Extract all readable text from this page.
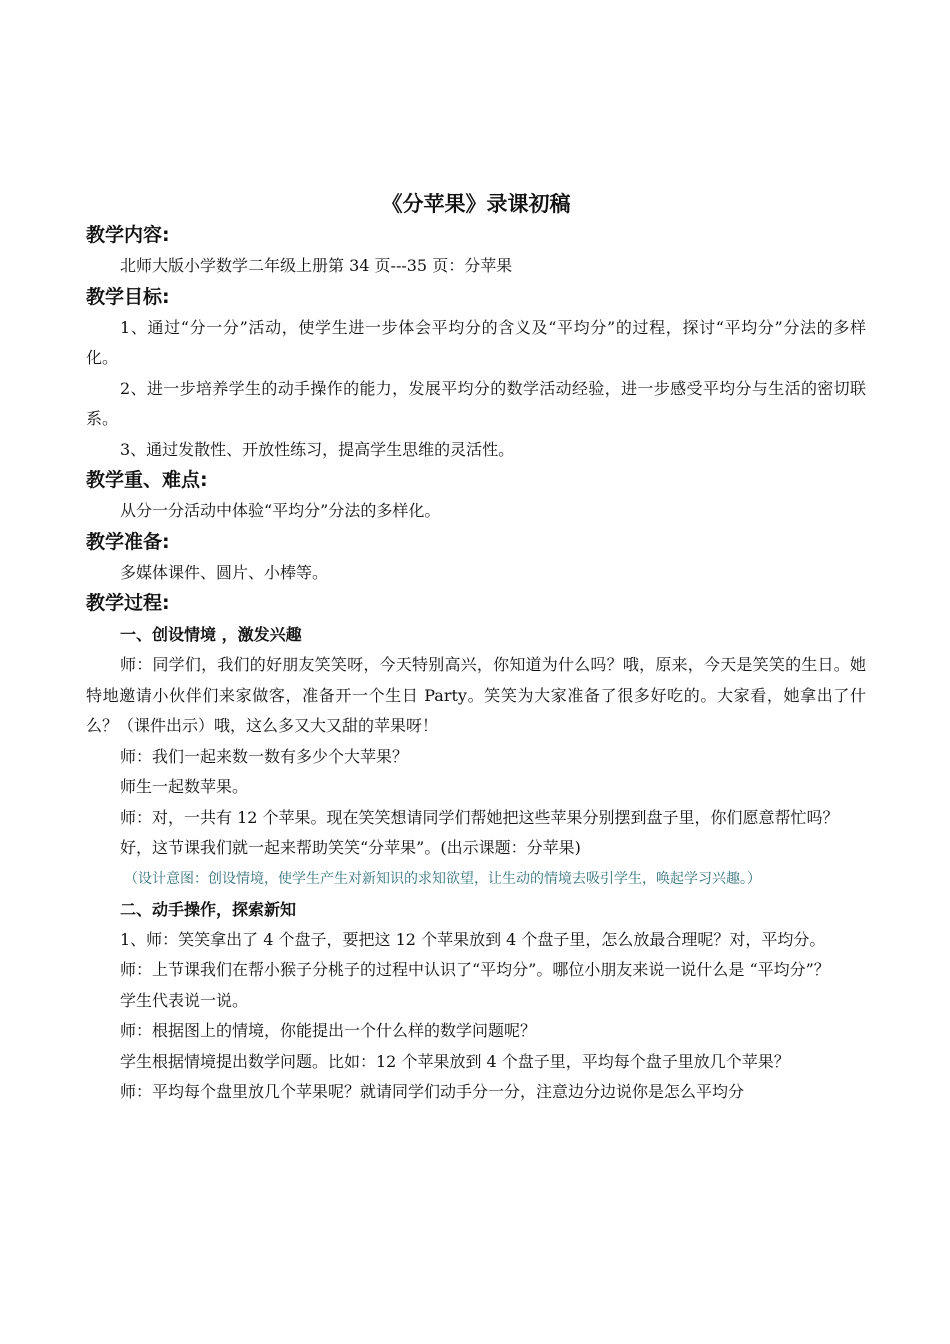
《分苹果》录课初稿

教学内容:

北师大版小学数学二年级上册第 34 页---35 页：分苹果

教学目标:

1、通过“分一分”活动，使学生进一步体会平均分的含义及“平均分”的过程，探讨“平均分”分法的多样化。

2、进一步培养学生的动手操作的能力，发展平均分的数学活动经验，进一步感受平均分与生活的密切联系。

3、通过发散性、开放性练习，提高学生思维的灵活性。

教学重、难点:

从分一分活动中体验“平均分”分法的多样化。

教学准备:

多媒体课件、圆片、小棒等。

教学过程:

一、创设情境 ，激发兴趣

师：同学们，我们的好朋友笑笑呀，今天特别高兴，你知道为什么吗？哦，原来，今天是笑笑的生日。她特地邀请小伙伴们来家做客，准备开一个生日 Party。笑笑为大家准备了很多好吃的。大家看，她拿出了什么？（课件出示）哦，这么多又大又甜的苹果呀！

师：我们一起来数一数有多少个大苹果？

师生一起数苹果。

师：对，一共有 12 个苹果。现在笑笑想请同学们帮她把这些苹果分别摆到盘子里，你们愿意帮忙吗？

好，这节课我们就一起来帮助笑笑“分苹果”。(出示课题：分苹果)

（设计意图：创设情境，使学生产生对新知识的求知欲望，让生动的情境去吸引学生，唤起学习兴趣。）

二、动手操作，探索新知

1、师：笑笑拿出了 4 个盘子，要把这 12 个苹果放到 4 个盘子里，怎么放最合理呢？对，平均分。

师：上节课我们在帮小猴子分桃子的过程中认识了“平均分”。哪位小朋友来说一说什么是 “平均分”？

学生代表说一说。

师：根据图上的情境，你能提出一个什么样的数学问题呢？

学生根据情境提出数学问题。比如：12 个苹果放到 4 个盘子里，平均每个盘子里放几个苹果？

师：平均每个盘里放几个苹果呢？就请同学们动手分一分，注意边分边说你是怎么平均分
